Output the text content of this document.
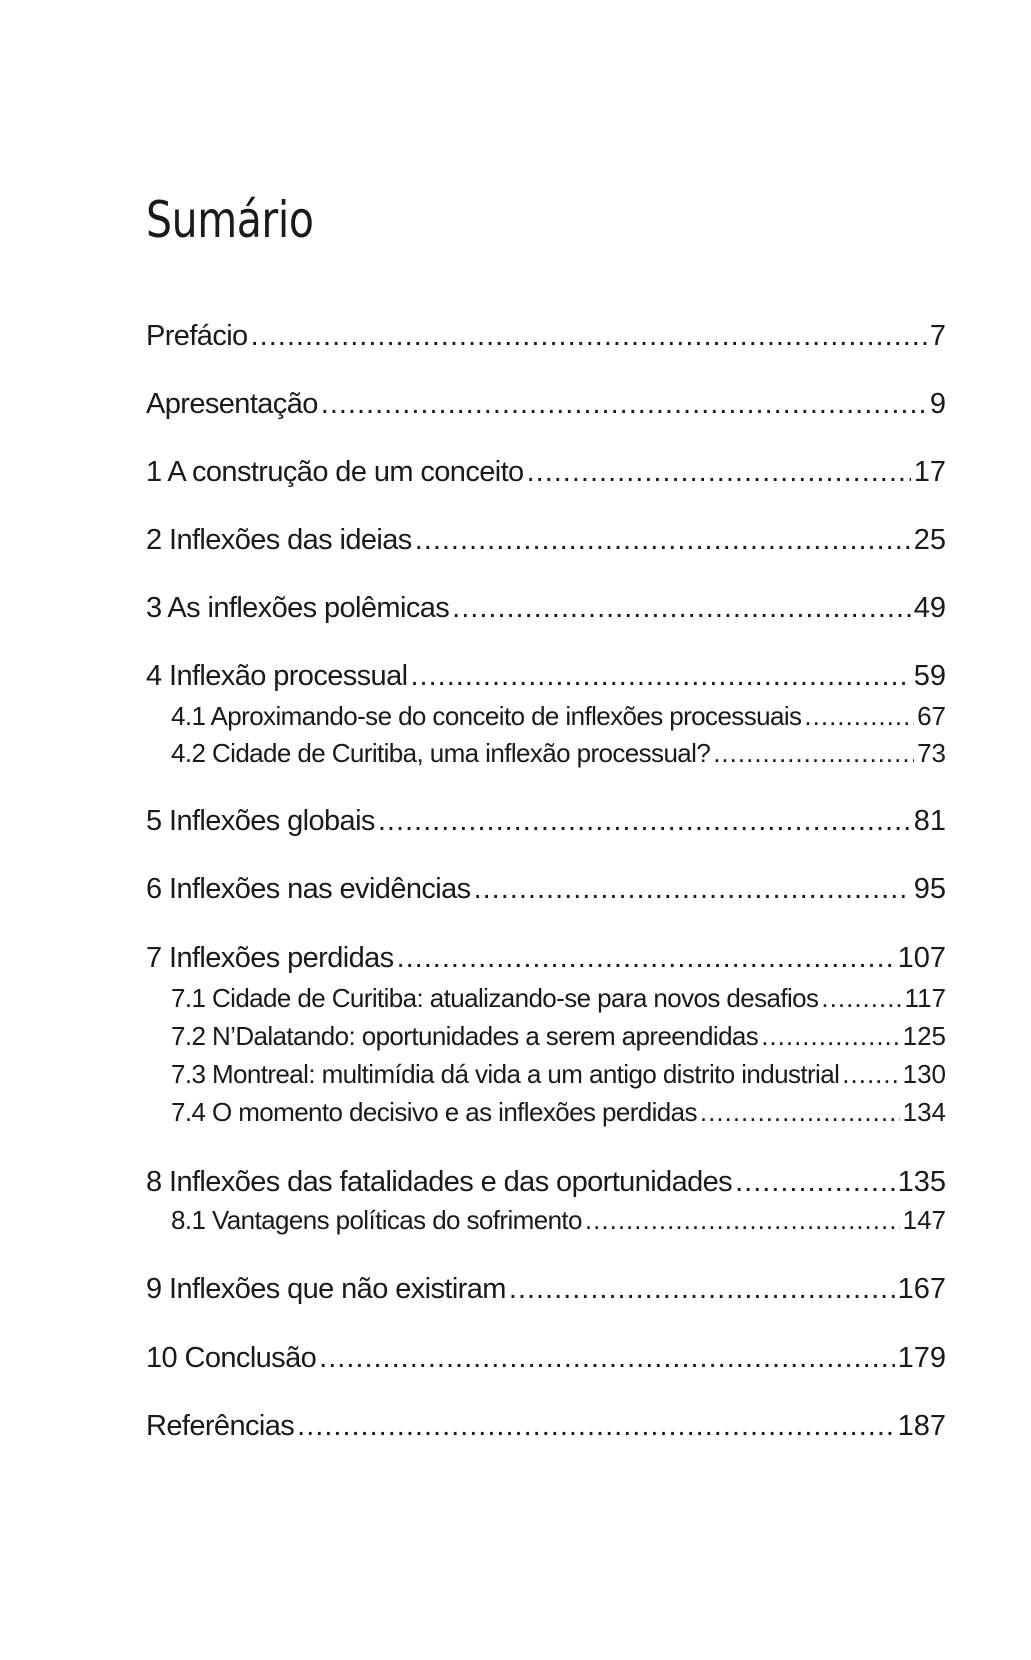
Sumário
Prefácio .....	7
Apresentação .....	9
1 A construção de um conceito .....	17
2 Inflexões das ideias .....	25
3 As inflexões polêmicas .....	49
4 Inflexão processual .....	59
4.1 Aproximando-se do conceito de inflexões processuais .....	67
4.2 Cidade de Curitiba, uma inflexão processual? .....	73
5 Inflexões globais .....	81
6 Inflexões nas evidências .....	95
7 Inflexões perdidas .....	107
7.1 Cidade de Curitiba: atualizando-se para novos desafios .....	117
7.2 N’Dalatando: oportunidades a serem apreendidas .....	125
7.3 Montreal: multimídia dá vida a um antigo distrito industrial ..... 130
7.4 O momento decisivo e as inflexões perdidas .....	134
8 Inflexões das fatalidades e das oportunidades .....	135
8.1 Vantagens políticas do sofrimento .....	147
9 Inflexões que não existiram .....	167
10 Conclusão .....	179
Referências .....	187
